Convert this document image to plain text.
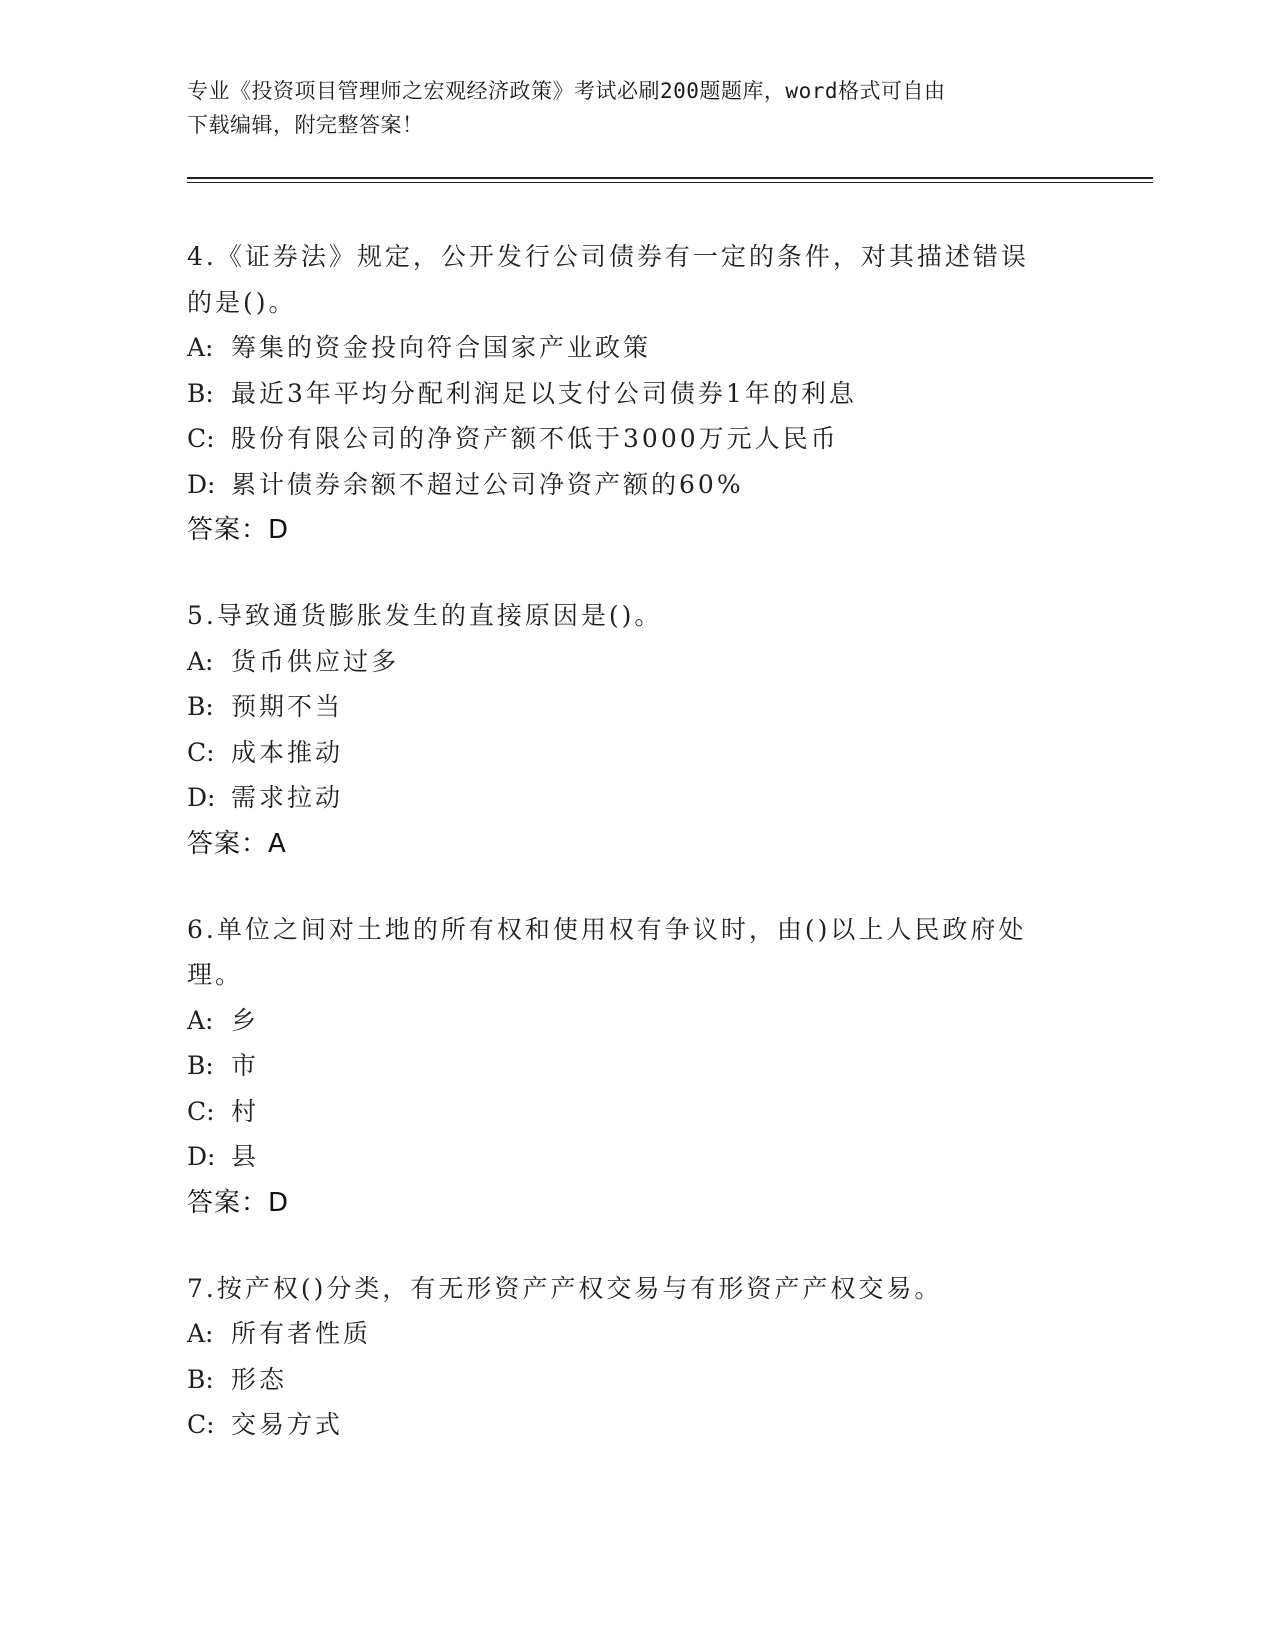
专业《投资项目管理师之宏观经济政策》考试必刷200题题库，word格式可自由
下载编辑，附完整答案！

4.《证券法》规定，公开发行公司债券有一定的条件，对其描述错误

的是()。

A: 筹集的资金投向符合国家产业政策

B: 最近3年平均分配利润足以支付公司债券1年的利息

C: 股份有限公司的净资产额不低于3000万元人民币

D: 累计债券余额不超过公司净资产额的60%

答案：D

5.导致通货膨胀发生的直接原因是()。

A: 货币供应过多

B: 预期不当

C: 成本推动

D: 需求拉动

答案：A

6.单位之间对土地的所有权和使用权有争议时，由()以上人民政府处

理。

A: 乡

B: 市

C: 村

D: 县

答案：D

7.按产权()分类，有无形资产产权交易与有形资产产权交易。

A: 所有者性质

B: 形态

C: 交易方式
